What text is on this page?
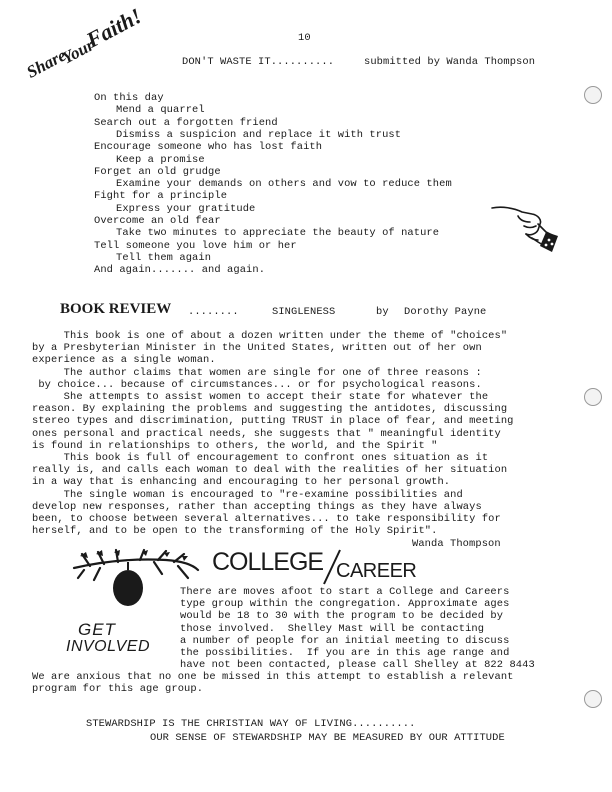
Share
Your
Faith!	10
DON'T WASTE IT..........	submitted by Wanda Thompson
On this day
Mend a quarrel
Search out a forgotten friend
Dismiss a suspicion and replace it with trust
Encourage someone who has lost faith
Keep a promise
Forget an old grudge
Examine your demands on others and vow to reduce them
Fight for a principle
Express your gratitude
Overcome an old fear
Take two minutes to appreciate the beauty of nature
Tell someone you love him or her
Tell them again
And again....... and again.
BOOK REVIEW ........	SINGLENESS	by Dorothy Payne
This book is one of about a dozen written under the theme of "choices"
by a Presbyterian Minister in the United States, written out of her own
experience as a single woman.
The author claims that women are single for one of three reasons :
by choice... because of circumstances... or for psychological reasons.
She attempts to assist women to accept their state for whatever the
reason. By explaining the problems and suggesting the antidotes, discussing
stereo types and discrimination, putting TRUST in place of fear, and meeting
ones personal and practical needs, she suggests that " meaningful identity
is found in relationships to others, the world, and the Spirit "
This book is full of encouragement to confront ones situation as it
really is, and calls each woman to deal with the realities of her situation
in a way that is enhancing and encouraging to her personal growth.
The single woman is encouraged to "re-examine possibilities and
develop new responses, rather than accepting things as they have always
been, to choose between several alternatives... to take responsibility for
herself, and to be open to the transforming of the Holy Spirit".
Wanda Thompson
GET
INVOLVED
COLLEGE CAREER
There are moves afoot to start a College and Careers
type group within the congregation. Approximate ages
would be 18 to 30 with the program to be decided by
those involved.  Shelley Mast will be contacting
a number of people for an initial meeting to discuss
the possibilities.  If you are in this age range and
have not been contacted, please call Shelley at 822 8443
We are anxious that no one be missed in this attempt to establish a relevant
program for this age group.
STEWARDSHIP IS THE CHRISTIAN WAY OF LIVING..........
OUR SENSE OF STEWARDSHIP MAY BE MEASURED BY OUR ATTITUDE
